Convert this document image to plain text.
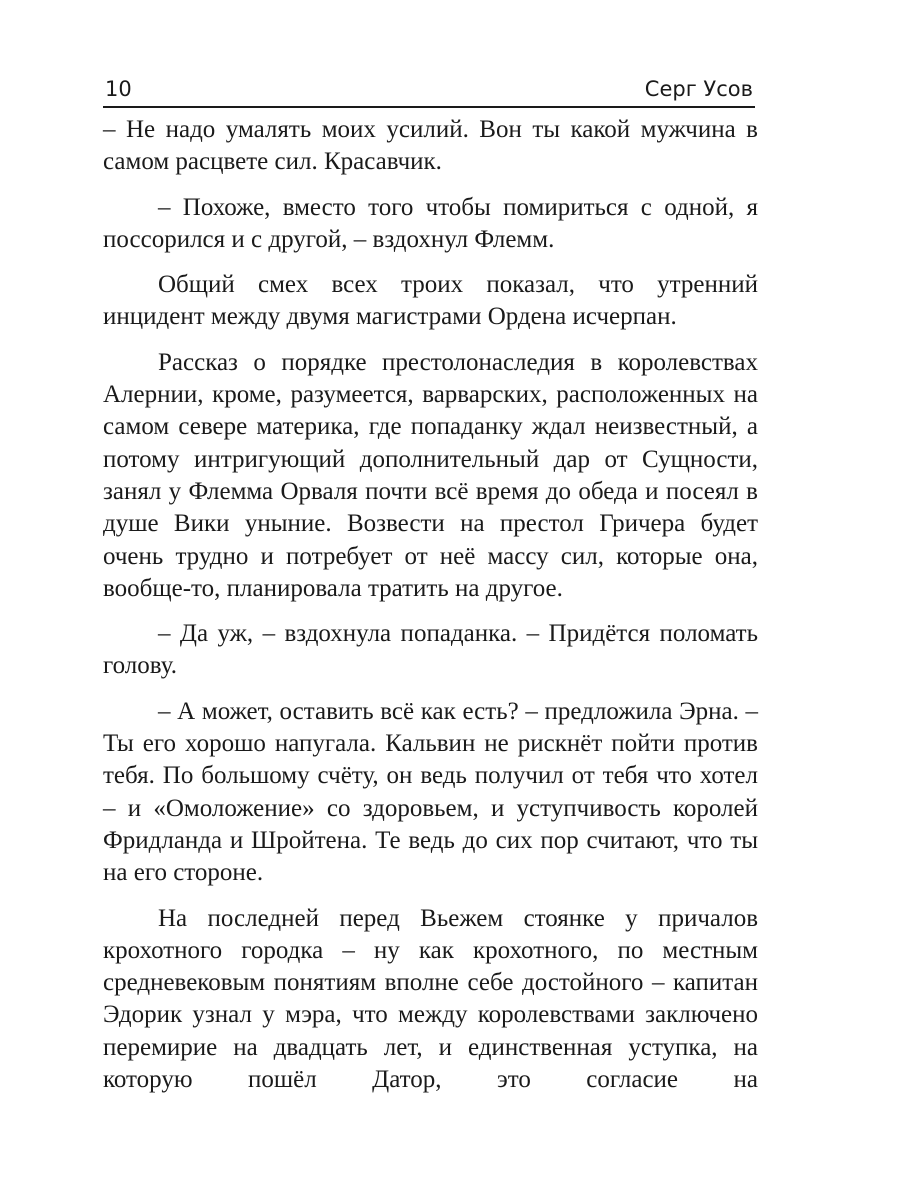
10	Серг Усов

– Не надо умалять моих усилий. Вон ты какой мужчина в самом расцвете сил. Красавчик.

– Похоже, вместо того чтобы помириться с одной, я поссорился и с другой, – вздохнул Флемм.

Общий смех всех троих показал, что утренний инцидент между двумя магистрами Ордена исчерпан.

Рассказ о порядке престолонаследия в королевствах Алернии, кроме, разумеется, варварских, расположенных на самом севере материка, где попаданку ждал неизвестный, а потому интригующий дополнительный дар от Сущности, занял у Флемма Орваля почти всё время до обеда и посеял в душе Вики уныние. Возвести на престол Гричера будет очень трудно и потребует от неё массу сил, которые она, вообще-то, планировала тратить на другое.

– Да уж, – вздохнула попаданка. – Придётся поломать голову.

– А может, оставить всё как есть? – предложила Эрна. – Ты его хорошо напугала. Кальвин не рискнёт пойти против тебя. По большому счёту, он ведь получил от тебя что хотел – и «Омоложение» со здоровьем, и уступчивость королей Фридланда и Шройтена. Те ведь до сих пор считают, что ты на его стороне.

На последней перед Вьежем стоянке у причалов крохотного городка – ну как крохотного, по местным средневековым понятиям вполне себе достойного – капитан Эдорик узнал у мэра, что между королевствами заключено перемирие на двадцать лет, и единственная уступка, на которую пошёл Датор, это согласие на
